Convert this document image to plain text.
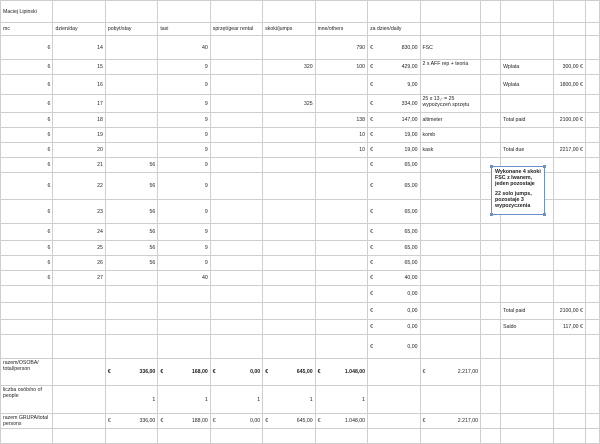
Maciej Lipinski												
mc	dzien/day	pobyt/stay	taxi	sprzęt/gear rental	skoki/jumps	inne/others	za dzien/daily					
6	14		40			790	€ 830,00	FSC				
6	15		9		320	100	€ 429,00	2 x AFF rep + teoria		Wplata	300,00 €	
6	16		9				€ 9,00			Wplata	1800,00 €	
6	17		9		325		€ 334,00	25 x 13,- = 25 wypożyczeń sprzętu				
6	18		9			138	€ 147,00	altimeter		Total paid	2100,00 €	
6	19		9			10	€ 19,00	komb				
6	20		9			10	€ 19,00	kask		Total due	2217,00 €	
6	21	56	9				€ 65,00					

6	22	56	9				€ 65,00					

6	23	56	9				€ 65,00					

6	24	56	9				€ 65,00					

6	25	56	9				€ 65,00					

6	26	56	9				€ 65,00					

6	27		40				€ 40,00					

							€ 0,00					

							€ 0,00			Total paid	2100,00 €	

							€ 0,00			Saldo	117,00 €	

							€ 0,00					

razem/OSOBA/ total/person		€ 336,00	€ 168,00	€ 0,00	€ 645,00	€ 1.048,00		€ 2.217,00				

liczba osób/no of people		1	1	1	1	1						
razem GRUPA/total persons		€ 336,00	€ 188,00	€ 0,00	€ 645,00	€ 1.048,00		€ 2.217,00				

Wykonane 4 skoki FSC z Iwanem, jeden pozostaje

22 solo jumps, pozostaje 3 wypozyczenia
